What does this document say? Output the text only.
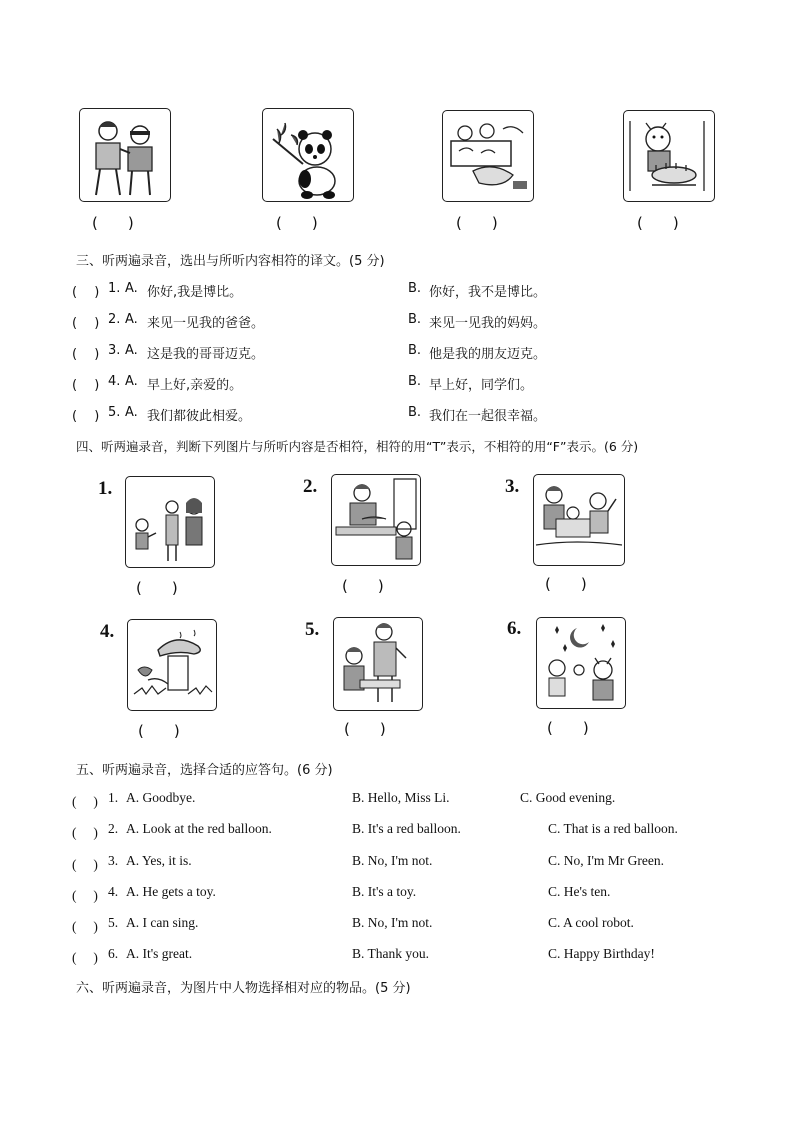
(　　)	(　　)	(　　)	(　　)
三、听两遍录音，选出与所听内容相符的译文。(5 分)
(　 ) 1. A. 你好,我是博比。	B. 你好，我不是博比。
(　 ) 2. A. 来见一见我的爸爸。	B. 来见一见我的妈妈。
(　 ) 3. A. 这是我的哥哥迈克。	B. 他是我的朋友迈克。
(　 ) 4. A. 早上好,亲爱的。	B. 早上好，同学们。
(　 ) 5. A. 我们都彼此相爱。	B. 我们在一起很幸福。
四、听两遍录音，判断下列图片与所听内容是否相符，相符的用“T”表示，不相符的用“F”表示。(6 分)
1.
(　　)
2.
(　　)
3.
(　　)
4.
(　　)
5.
(　　)
6.
(　　)
五、听两遍录音，选择合适的应答句。(6 分)
(　 ) 1. A. Goodbye.	B. Hello, Miss Li.	C. Good evening.
(　 ) 2. A. Look at the red balloon.	B. It's a red balloon.	C. That is a red balloon.
(　 ) 3. A. Yes, it is.	B. No, I'm not.	C. No, I'm Mr Green.
(　 ) 4. A. He gets a toy.	B. It's a toy.	C. He's ten.
(　 ) 5. A. I can sing.	B. No, I'm not.	C. A cool robot.
(　 ) 6. A. It's great.	B. Thank you.	C. Happy Birthday!
六、听两遍录音，为图片中人物选择相对应的物品。(5 分)
